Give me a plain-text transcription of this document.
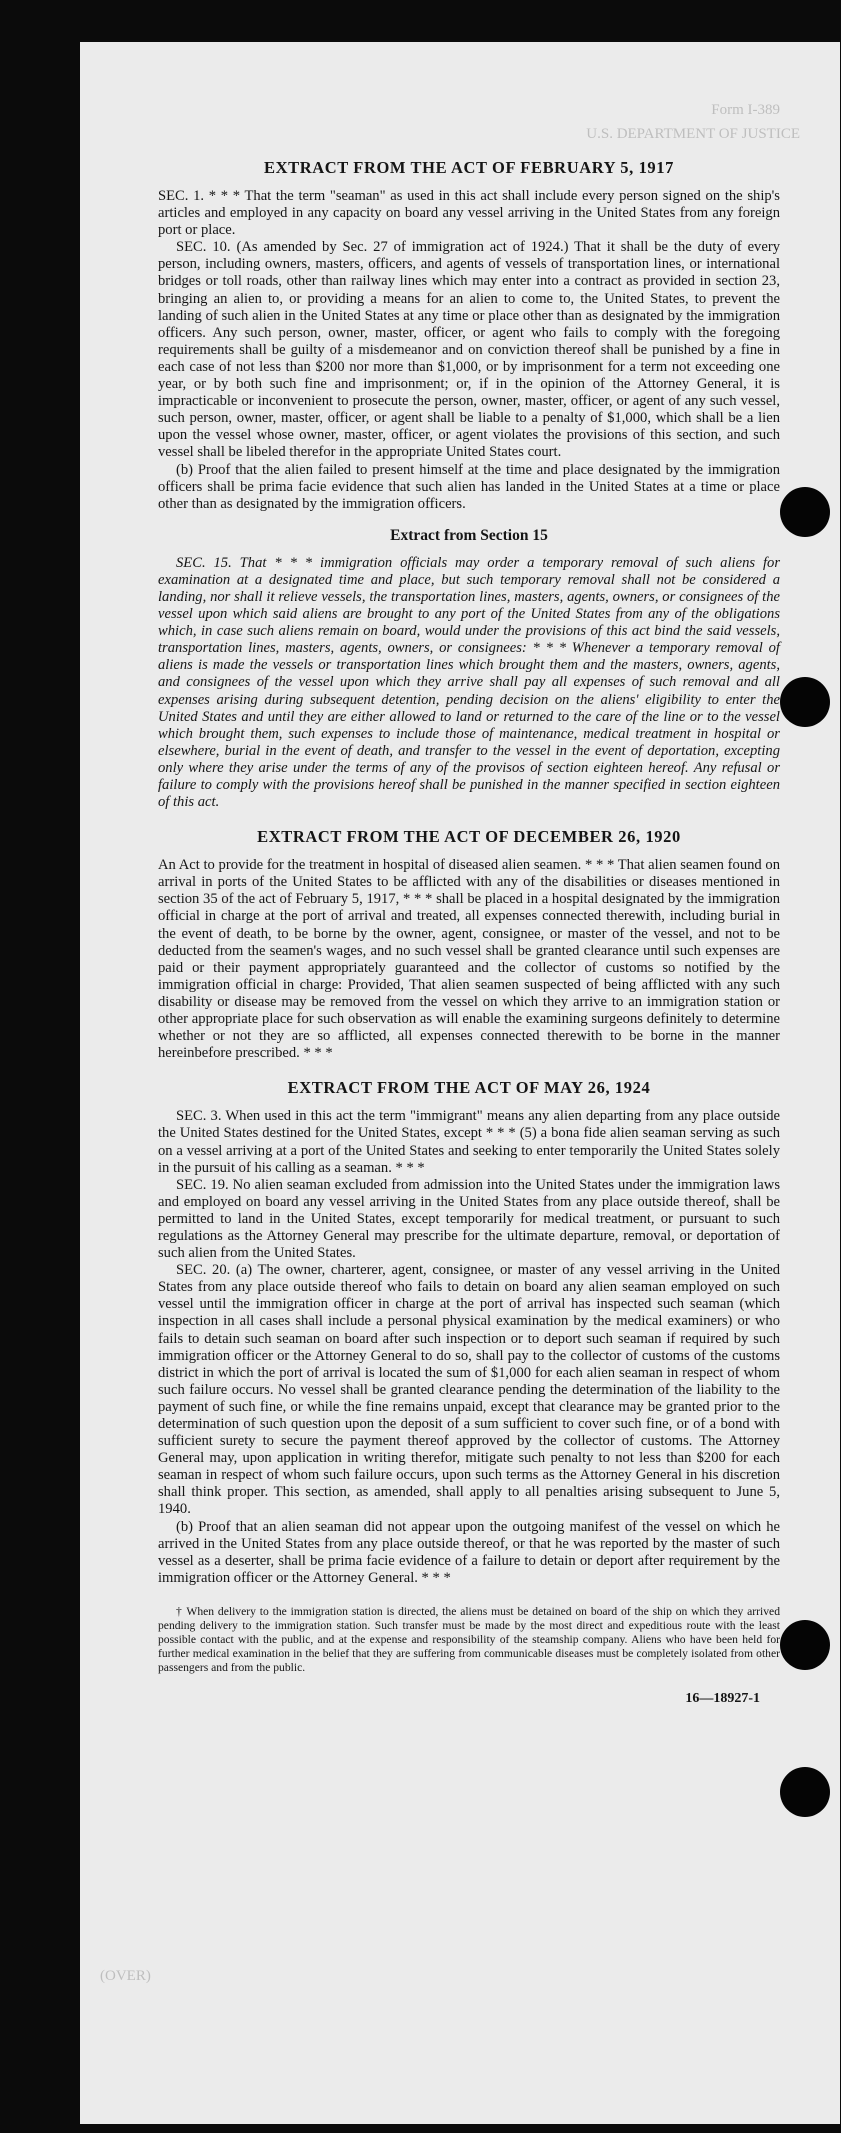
Form I-389
U.S. DEPARTMENT OF JUSTICE
(OVER)
EXTRACT FROM THE ACT OF FEBRUARY 5, 1917

SEC. 1. * * * That the term "seaman" as used in this act shall include every person signed on the ship's articles and employed in any capacity on board any vessel arriving in the United States from any foreign port or place.

SEC. 10. (As amended by Sec. 27 of immigration act of 1924.) That it shall be the duty of every person, including owners, masters, officers, and agents of vessels of transportation lines, or international bridges or toll roads, other than railway lines which may enter into a contract as provided in section 23, bringing an alien to, or providing a means for an alien to come to, the United States, to prevent the landing of such alien in the United States at any time or place other than as designated by the immigration officers. Any such person, owner, master, officer, or agent who fails to comply with the foregoing requirements shall be guilty of a misdemeanor and on conviction thereof shall be punished by a fine in each case of not less than $200 nor more than $1,000, or by imprisonment for a term not exceeding one year, or by both such fine and imprisonment; or, if in the opinion of the Attorney General, it is impracticable or inconvenient to prosecute the person, owner, master, officer, or agent of any such vessel, such person, owner, master, officer, or agent shall be liable to a penalty of $1,000, which shall be a lien upon the vessel whose owner, master, officer, or agent violates the provisions of this section, and such vessel shall be libeled therefor in the appropriate United States court.

(b) Proof that the alien failed to present himself at the time and place designated by the immigration officers shall be prima facie evidence that such alien has landed in the United States at a time or place other than as designated by the immigration officers.

Extract from Section 15

SEC. 15. That * * * immigration officials may order a temporary removal of such aliens for examination at a designated time and place, but such temporary removal shall not be considered a landing, nor shall it relieve vessels, the transportation lines, masters, agents, owners, or consignees of the vessel upon which said aliens are brought to any port of the United States from any of the obligations which, in case such aliens remain on board, would under the provisions of this act bind the said vessels, transportation lines, masters, agents, owners, or consignees: * * * Whenever a temporary removal of aliens is made the vessels or transportation lines which brought them and the masters, owners, agents, and consignees of the vessel upon which they arrive shall pay all expenses of such removal and all expenses arising during subsequent detention, pending decision on the aliens' eligibility to enter the United States and until they are either allowed to land or returned to the care of the line or to the vessel which brought them, such expenses to include those of maintenance, medical treatment in hospital or elsewhere, burial in the event of death, and transfer to the vessel in the event of deportation, excepting only where they arise under the terms of any of the provisos of section eighteen hereof. Any refusal or failure to comply with the provisions hereof shall be punished in the manner specified in section eighteen of this act.

EXTRACT FROM THE ACT OF DECEMBER 26, 1920

An Act to provide for the treatment in hospital of diseased alien seamen. * * * That alien seamen found on arrival in ports of the United States to be afflicted with any of the disabilities or diseases mentioned in section 35 of the act of February 5, 1917, * * * shall be placed in a hospital designated by the immigration official in charge at the port of arrival and treated, all expenses connected therewith, including burial in the event of death, to be borne by the owner, agent, consignee, or master of the vessel, and not to be deducted from the seamen's wages, and no such vessel shall be granted clearance until such expenses are paid or their payment appropriately guaranteed and the collector of customs so notified by the immigration official in charge: Provided, That alien seamen suspected of being afflicted with any such disability or disease may be removed from the vessel on which they arrive to an immigration station or other appropriate place for such observation as will enable the examining surgeons definitely to determine whether or not they are so afflicted, all expenses connected therewith to be borne in the manner hereinbefore prescribed. * * *

EXTRACT FROM THE ACT OF MAY 26, 1924

SEC. 3. When used in this act the term "immigrant" means any alien departing from any place outside the United States destined for the United States, except * * * (5) a bona fide alien seaman serving as such on a vessel arriving at a port of the United States and seeking to enter temporarily the United States solely in the pursuit of his calling as a seaman. * * *

SEC. 19. No alien seaman excluded from admission into the United States under the immigration laws and employed on board any vessel arriving in the United States from any place outside thereof, shall be permitted to land in the United States, except temporarily for medical treatment, or pursuant to such regulations as the Attorney General may prescribe for the ultimate departure, removal, or deportation of such alien from the United States.

SEC. 20. (a) The owner, charterer, agent, consignee, or master of any vessel arriving in the United States from any place outside thereof who fails to detain on board any alien seaman employed on such vessel until the immigration officer in charge at the port of arrival has inspected such seaman (which inspection in all cases shall include a personal physical examination by the medical examiners) or who fails to detain such seaman on board after such inspection or to deport such seaman if required by such immigration officer or the Attorney General to do so, shall pay to the collector of customs of the customs district in which the port of arrival is located the sum of $1,000 for each alien seaman in respect of whom such failure occurs. No vessel shall be granted clearance pending the determination of the liability to the payment of such fine, or while the fine remains unpaid, except that clearance may be granted prior to the determination of such question upon the deposit of a sum sufficient to cover such fine, or of a bond with sufficient surety to secure the payment thereof approved by the collector of customs. The Attorney General may, upon application in writing therefor, mitigate such penalty to not less than $200 for each seaman in respect of whom such failure occurs, upon such terms as the Attorney General in his discretion shall think proper. This section, as amended, shall apply to all penalties arising subsequent to June 5, 1940.

(b) Proof that an alien seaman did not appear upon the outgoing manifest of the vessel on which he arrived in the United States from any place outside thereof, or that he was reported by the master of such vessel as a deserter, shall be prima facie evidence of a failure to detain or deport after requirement by the immigration officer or the Attorney General. * * *

† When delivery to the immigration station is directed, the aliens must be detained on board of the ship on which they arrived pending delivery to the immigration station. Such transfer must be made by the most direct and expeditious route with the least possible contact with the public, and at the expense and responsibility of the steamship company. Aliens who have been held for further medical examination in the belief that they are suffering from communicable diseases must be completely isolated from other passengers and from the public.

16—18927-1
